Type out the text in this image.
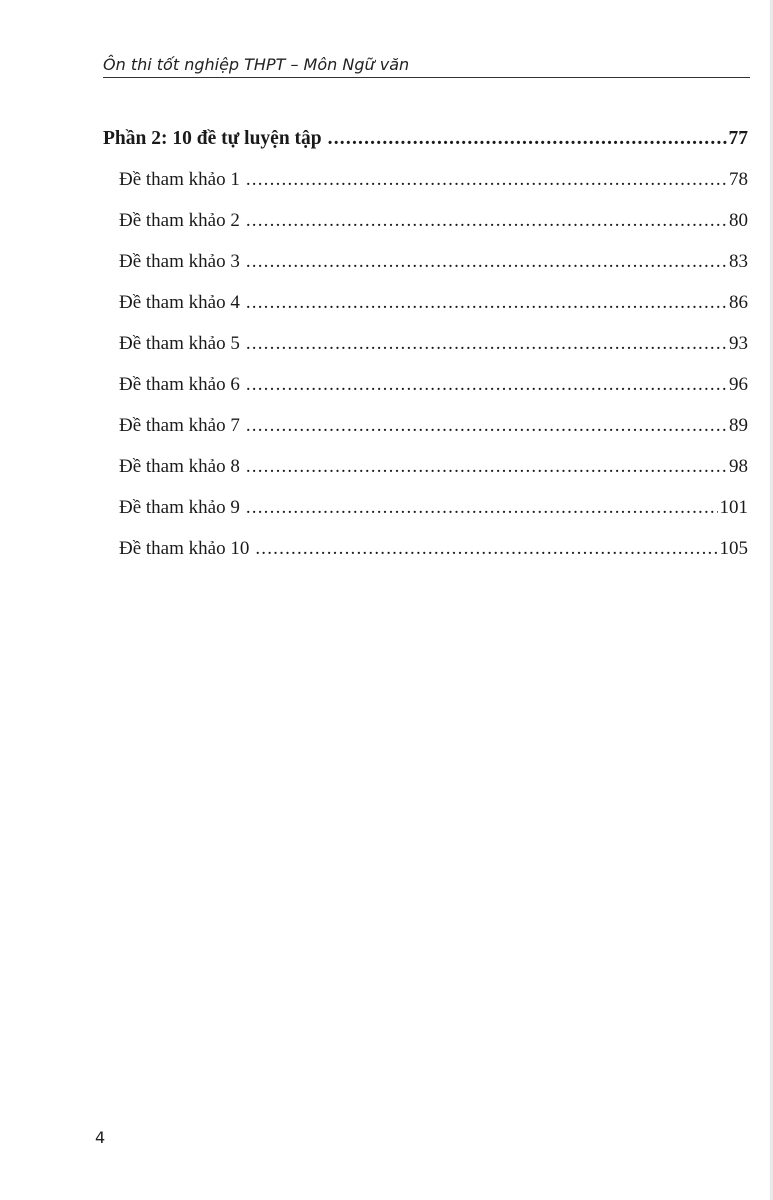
Ôn thi tốt nghiệp THPT – Môn Ngữ văn
Phần 2: 10 đề tự luyện tập .....	77
Đề tham khảo 1 .....	78
Đề tham khảo 2 .....	80
Đề tham khảo 3 .....	83
Đề tham khảo 4 .....	86
Đề tham khảo 5 .....	93
Đề tham khảo 6 .....	96
Đề tham khảo 7 .....	89
Đề tham khảo 8 .....	98
Đề tham khảo 9 .....	101
Đề tham khảo 10 .....	105
4
